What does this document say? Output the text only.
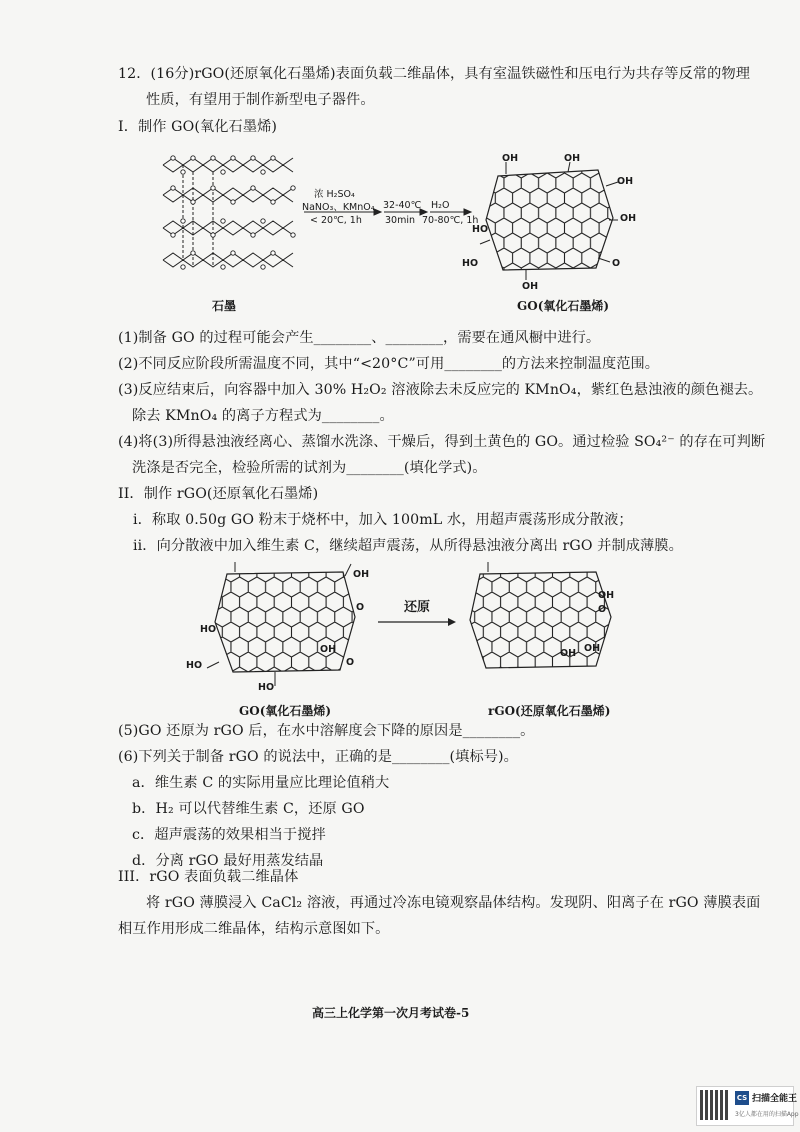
12．(16分)rGO(还原氧化石墨烯)表面负载二维晶体，具有室温铁磁性和压电行为共存等反常的物理
性质，有望用于制作新型电子器件。
I．制作 GO(氧化石墨烯)
浓 H₂SO₄
NaNO₃、KMnO₄
< 20℃, 1h
32-40℃
30min
H₂O
70-80℃, 1h
OH	OH
OH
OH
O
HO
HO
OH
石墨	GO(氧化石墨烯)
(1)制备 GO 的过程可能会产生________、________，需要在通风橱中进行。
(2)不同反应阶段所需温度不同，其中“<20°C”可用________的方法来控制温度范围。
(3)反应结束后，向容器中加入 30% H₂O₂ 溶液除去未反应完的 KMnO₄，紫红色悬浊液的颜色褪去。
除去 KMnO₄ 的离子方程式为________。
(4)将(3)所得悬浊液经离心、蒸馏水洗涤、干燥后，得到土黄色的 GO。通过检验 SO₄²⁻ 的存在可判断
洗涤是否完全，检验所需的试剂为________(填化学式)。
II．制作 rGO(还原氧化石墨烯)
i．称取 0.50g GO 粉末于烧杯中，加入 100mL 水，用超声震荡形成分散液；
ii．向分散液中加入维生素 C，继续超声震荡，从所得悬浊液分离出 rGO 并制成薄膜。
OH
O
HO
OH
O
HO
HO
还原
OH
O
OH
OH
GO(氧化石墨烯)	rGO(还原氧化石墨烯)
(5)GO 还原为 rGO 后，在水中溶解度会下降的原因是________。
(6)下列关于制备 rGO 的说法中，正确的是________(填标号)。
a．维生素 C 的实际用量应比理论值稍大
b．H₂ 可以代替维生素 C，还原 GO
c．超声震荡的效果相当于搅拌
d．分离 rGO 最好用蒸发结晶
III．rGO 表面负载二维晶体
将 rGO 薄膜浸入 CaCl₂ 溶液，再通过冷冻电镜观察晶体结构。发现阴、阳离子在 rGO 薄膜表面
相互作用形成二维晶体，结构示意图如下。
高三上化学第一次月考试卷-5
CS 扫描全能王
3亿人都在用的扫描App
